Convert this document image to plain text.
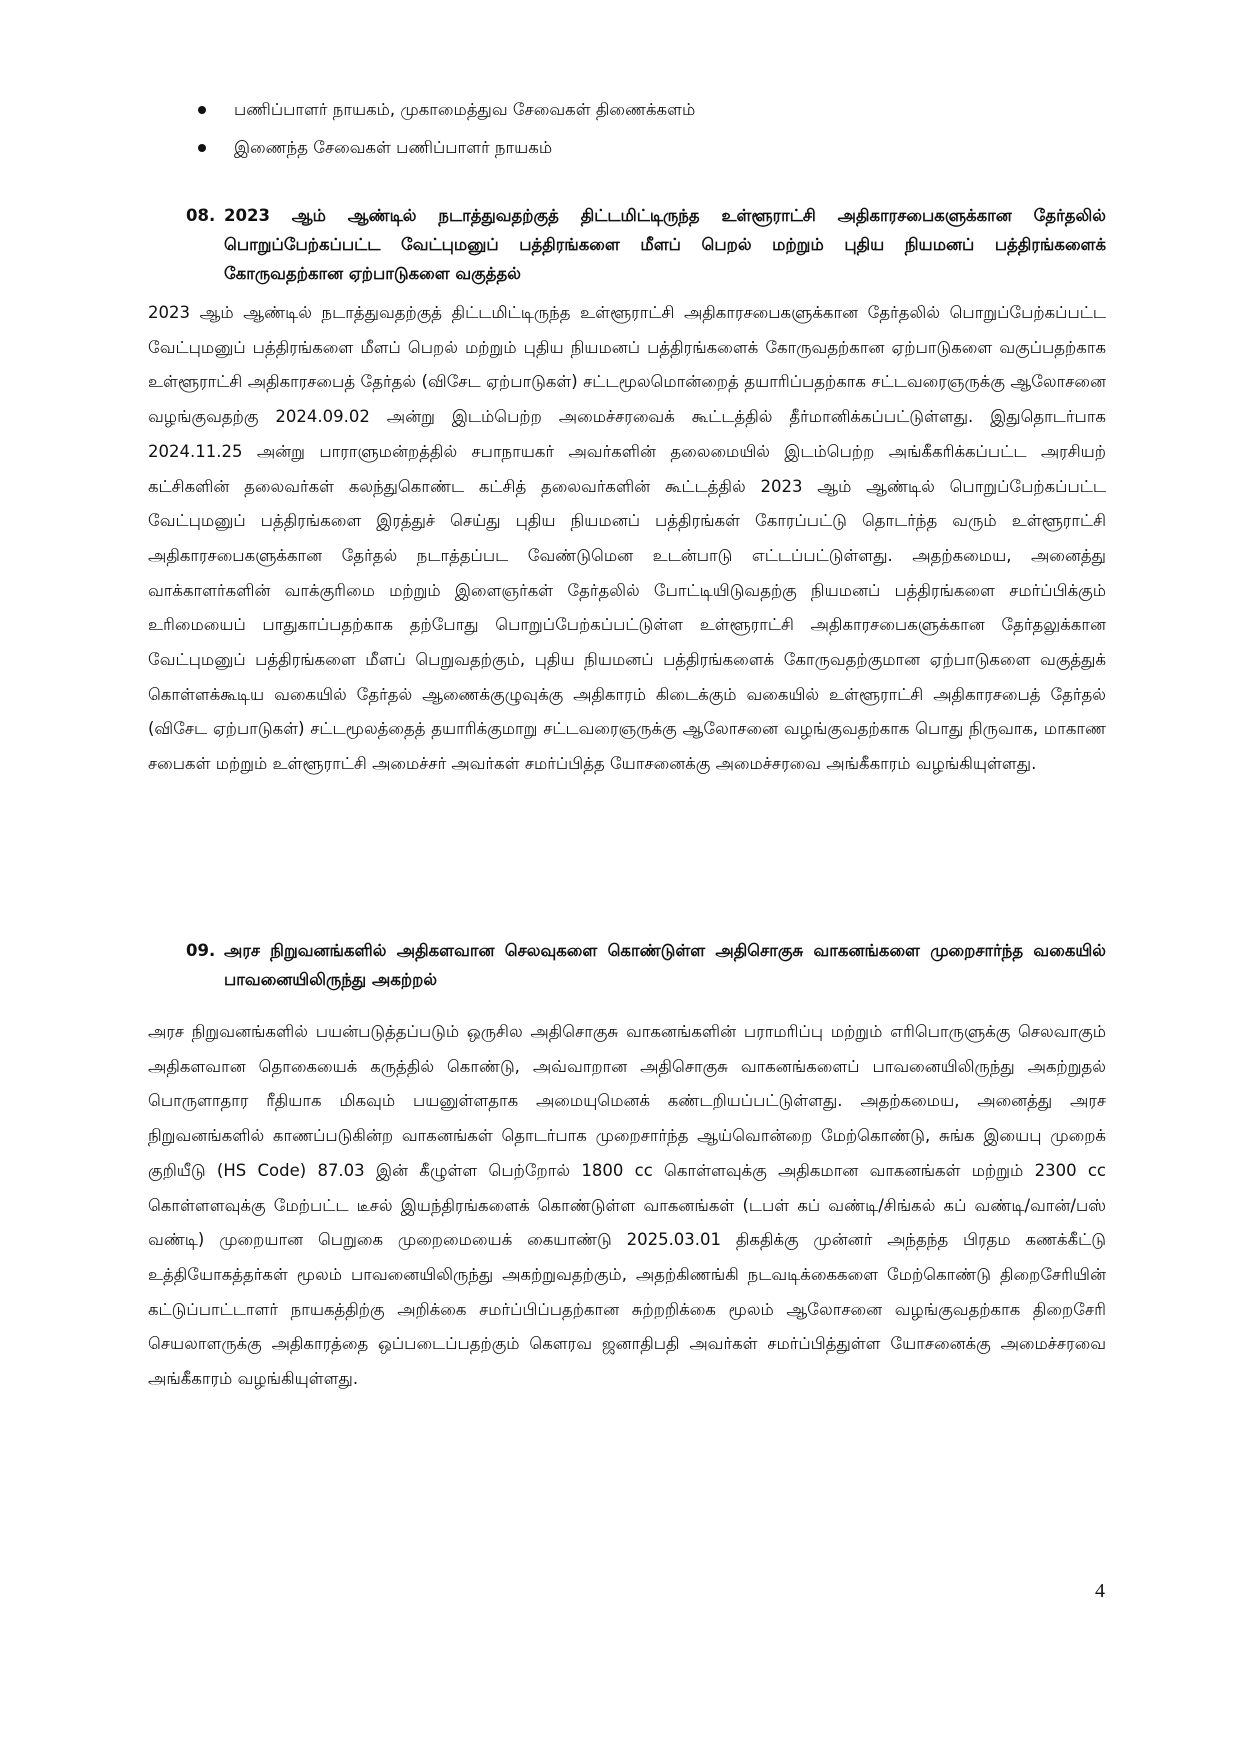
பணிப்பாளர் நாயகம், முகாமைத்துவ சேவைகள் திணைக்களம்
இணைந்த சேவைகள் பணிப்பாளர் நாயகம்
08. 2023 ஆம் ஆண்டில் நடாத்துவதற்குத் திட்டமிட்டிருந்த உள்ளூராட்சி அதிகாரசபைகளுக்கான தேர்தலில் பொறுப்பேற்கப்பட்ட வேட்புமனுப் பத்திரங்களை மீளப் பெறல் மற்றும் புதிய நியமனப் பத்திரங்களைக் கோருவதற்கான ஏற்பாடுகளை வகுத்தல்

2023 ஆம் ஆண்டில் நடாத்துவதற்குத் திட்டமிட்டிருந்த உள்ளூராட்சி அதிகாரசபைகளுக்கான தேர்தலில் பொறுப்பேற்கப்பட்ட வேட்புமனுப் பத்திரங்களை மீளப் பெறல் மற்றும் புதிய நியமனப் பத்திரங்களைக் கோருவதற்கான ஏற்பாடுகளை வகுப்பதற்காக உள்ளூராட்சி அதிகாரசபைத் தேர்தல் (விசேட ஏற்பாடுகள்) சட்டமூலமொன்றைத் தயாரிப்பதற்காக சட்டவரைஞருக்கு ஆலோசனை வழங்குவதற்கு 2024.09.02 அன்று இடம்பெற்ற அமைச்சரவைக் கூட்டத்தில் தீர்மானிக்கப்பட்டுள்ளது. இதுதொடர்பாக 2024.11.25 அன்று பாராளுமன்றத்தில் சபாநாயகர் அவர்களின் தலைமையில் இடம்பெற்ற அங்கீகரிக்கப்பட்ட அரசியற் கட்சிகளின் தலைவர்கள் கலந்துகொண்ட கட்சித் தலைவர்களின் கூட்டத்தில் 2023 ஆம் ஆண்டில் பொறுப்பேற்கப்பட்ட வேட்புமனுப் பத்திரங்களை இரத்துச் செய்து புதிய நியமனப் பத்திரங்கள் கோரப்பட்டு தொடர்ந்த வரும் உள்ளூராட்சி அதிகாரசபைகளுக்கான தேர்தல் நடாத்தப்பட வேண்டுமென உடன்பாடு எட்டப்பட்டுள்ளது. அதற்கமைய, அனைத்து வாக்காளர்களின் வாக்குரிமை மற்றும் இளைஞர்கள் தேர்தலில் போட்டியிடுவதற்கு நியமனப் பத்திரங்களை சமர்ப்பிக்கும் உரிமையைப் பாதுகாப்பதற்காக தற்போது பொறுப்பேற்கப்பட்டுள்ள உள்ளூராட்சி அதிகாரசபைகளுக்கான தேர்தலுக்கான வேட்புமனுப் பத்திரங்களை மீளப் பெறுவதற்கும், புதிய நியமனப் பத்திரங்களைக் கோருவதற்குமான ஏற்பாடுகளை வகுத்துக் கொள்ளக்கூடிய வகையில் தேர்தல் ஆணைக்குழுவுக்கு அதிகாரம் கிடைக்கும் வகையில் உள்ளூராட்சி அதிகாரசபைத் தேர்தல் (விசேட ஏற்பாடுகள்) சட்டமூலத்தைத் தயாரிக்குமாறு சட்டவரைஞருக்கு ஆலோசனை வழங்குவதற்காக பொது நிருவாக, மாகாண சபைகள் மற்றும் உள்ளூராட்சி அமைச்சர் அவர்கள் சமர்ப்பித்த யோசனைக்கு அமைச்சரவை அங்கீகாரம் வழங்கியுள்ளது.

09. அரச நிறுவனங்களில் அதிகளவான செலவுகளை கொண்டுள்ள அதிசொகுசு வாகனங்களை முறைசார்ந்த வகையில் பாவனையிலிருந்து அகற்றல்

அரச நிறுவனங்களில் பயன்படுத்தப்படும் ஒருசில அதிசொகுசு வாகனங்களின் பராமரிப்பு மற்றும் எரிபொருளுக்கு செலவாகும் அதிகளவான தொகையைக் கருத்தில் கொண்டு, அவ்வாறான அதிசொகுசு வாகனங்களைப் பாவனையிலிருந்து அகற்றுதல் பொருளாதார ரீதியாக மிகவும் பயனுள்ளதாக அமையுமெனக் கண்டறியப்பட்டுள்ளது. அதற்கமைய, அனைத்து அரச நிறுவனங்களில் காணப்படுகின்ற வாகனங்கள் தொடர்பாக முறைசார்ந்த ஆய்வொன்றை மேற்கொண்டு, சுங்க இயைபு முறைக் குறியீடு (HS Code) 87.03 இன் கீழுள்ள பெற்றோல் 1800 cc கொள்ளவுக்கு அதிகமான வாகனங்கள் மற்றும் 2300 cc கொள்ளளவுக்கு மேற்பட்ட டீசல் இயந்திரங்களைக் கொண்டுள்ள வாகனங்கள் (டபள் கப் வண்டி/சிங்கல் கப் வண்டி/வான்/பஸ் வண்டி) முறையான பெறுகை முறைமையைக் கையாண்டு 2025.03.01 திகதிக்கு முன்னர் அந்தந்த பிரதம கணக்கீட்டு உத்தியோகத்தர்கள் மூலம் பாவனையிலிருந்து அகற்றுவதற்கும், அதற்கிணங்கி நடவடிக்கைகளை மேற்கொண்டு திறைசேரியின் கட்டுப்பாட்டாளர் நாயகத்திற்கு அறிக்கை சமர்ப்பிப்பதற்கான சுற்றறிக்கை மூலம் ஆலோசனை வழங்குவதற்காக திறைசேரி செயலாளருக்கு அதிகாரத்தை ஒப்படைப்பதற்கும் கௌரவ ஜனாதிபதி அவர்கள் சமர்ப்பித்துள்ள யோசனைக்கு அமைச்சரவை அங்கீகாரம் வழங்கியுள்ளது.

4
